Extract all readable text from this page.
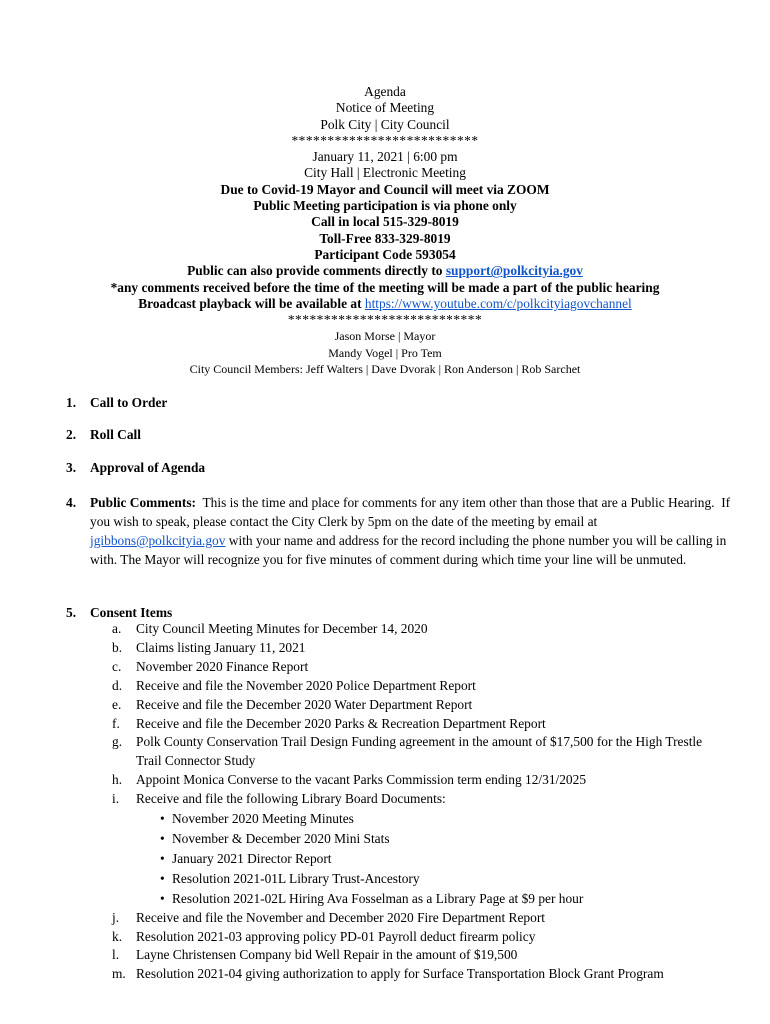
Agenda
Notice of Meeting
Polk City | City Council
**************************
January 11, 2021 | 6:00 pm
City Hall | Electronic Meeting
Due to Covid-19 Mayor and Council will meet via ZOOM
Public Meeting participation is via phone only
Call in local 515-329-8019
Toll-Free 833-329-8019
Participant Code 593054
Public can also provide comments directly to support@polkcityia.gov
*any comments received before the time of the meeting will be made a part of the public hearing
Broadcast playback will be available at https://www.youtube.com/c/polkcityiagovchannel
***************************
Jason Morse | Mayor
Mandy Vogel | Pro Tem
City Council Members: Jeff Walters | Dave Dvorak | Ron Anderson | Rob Sarchet
1. Call to Order
2. Roll Call
3. Approval of Agenda
4. Public Comments:  This is the time and place for comments for any item other than those that are a Public Hearing.  If you wish to speak, please contact the City Clerk by 5pm on the date of the meeting by email at jgibbons@polkcityia.gov with your name and address for the record including the phone number you will be calling in with. The Mayor will recognize you for five minutes of comment during which time your line will be unmuted.
5. Consent Items
a. City Council Meeting Minutes for December 14, 2020
b. Claims listing January 11, 2021
c. November 2020 Finance Report
d. Receive and file the November 2020 Police Department Report
e. Receive and file the December 2020 Water Department Report
f. Receive and file the December 2020 Parks & Recreation Department Report
g. Polk County Conservation Trail Design Funding agreement in the amount of $17,500 for the High Trestle Trail Connector Study
h. Appoint Monica Converse to the vacant Parks Commission term ending 12/31/2025
i. Receive and file the following Library Board Documents:
• November 2020 Meeting Minutes
• November & December 2020 Mini Stats
• January 2021 Director Report
• Resolution 2021-01L Library Trust-Ancestory
• Resolution 2021-02L Hiring Ava Fosselman as a Library Page at $9 per hour
j. Receive and file the November and December 2020 Fire Department Report
k. Resolution 2021-03 approving policy PD-01 Payroll deduct firearm policy
l. Layne Christensen Company bid Well Repair in the amount of $19,500
m. Resolution 2021-04 giving authorization to apply for Surface Transportation Block Grant Program
